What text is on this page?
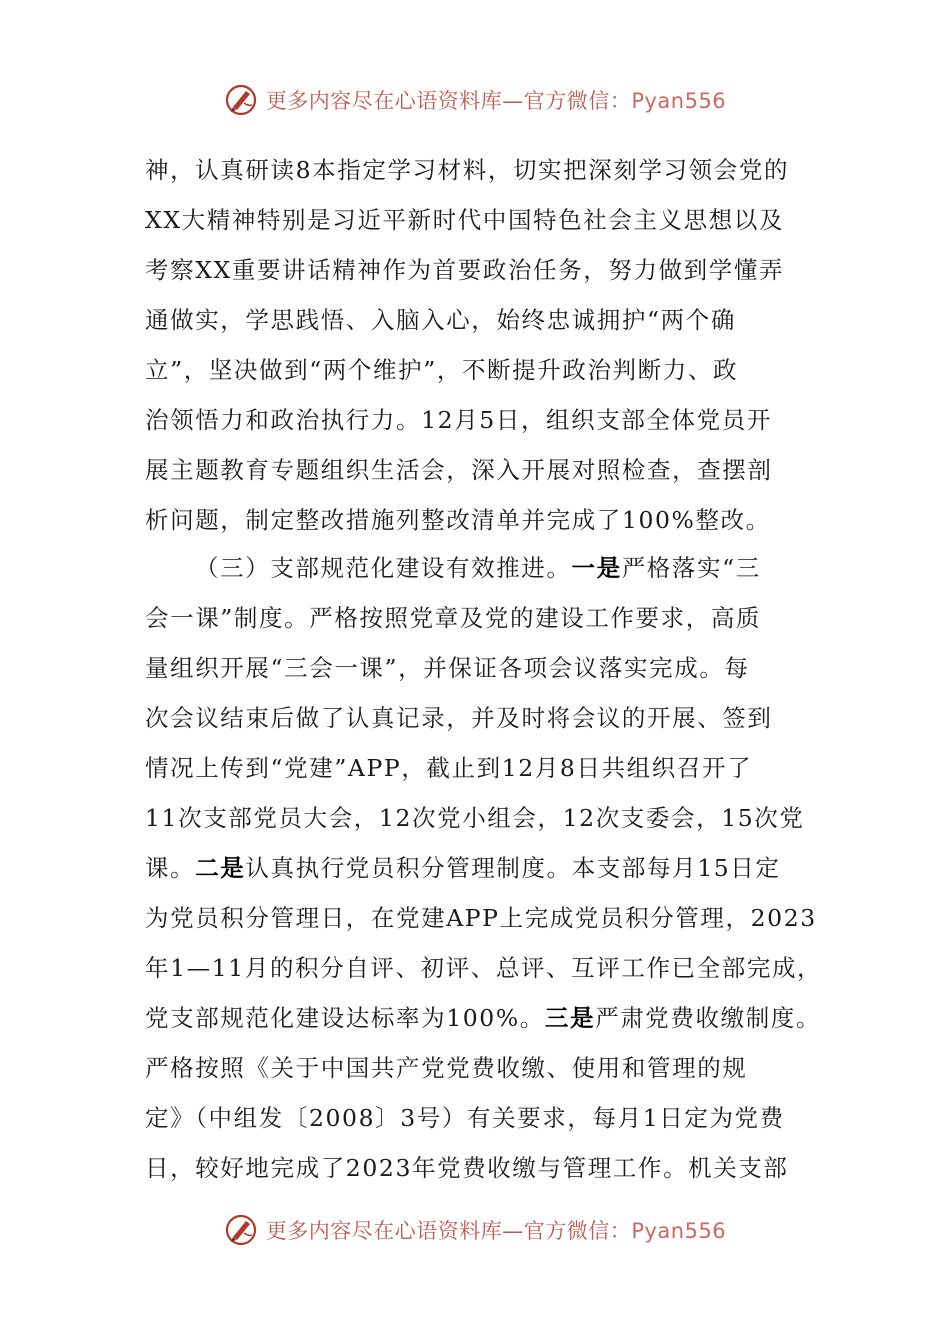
更多内容尽在心语资料库—官方微信：Pyan556
神，认真研读8本指定学习材料，切实把深刻学习领会党的
XX大精神特别是习近平新时代中国特色社会主义思想以及
考察XX重要讲话精神作为首要政治任务，努力做到学懂弄
通做实，学思践悟、入脑入心，始终忠诚拥护“两个确
立”，坚决做到“两个维护”，不断提升政治判断力、政
治领悟力和政治执行力。12月5日，组织支部全体党员开
展主题教育专题组织生活会，深入开展对照检查，查摆剖
析问题，制定整改措施列整改清单并完成了100%整改。
（三）支部规范化建设有效推进。一是严格落实“三
会一课”制度。严格按照党章及党的建设工作要求，高质
量组织开展“三会一课”，并保证各项会议落实完成。每
次会议结束后做了认真记录，并及时将会议的开展、签到
情况上传到“党建”APP，截止到12月8日共组织召开了
11次支部党员大会，12次党小组会，12次支委会，15次党
课。二是认真执行党员积分管理制度。本支部每月15日定
为党员积分管理日，在党建APP上完成党员积分管理，2023
年1—11月的积分自评、初评、总评、互评工作已全部完成，
党支部规范化建设达标率为100%。三是严肃党费收缴制度。
严格按照《关于中国共产党党费收缴、使用和管理的规
定》（中组发〔2008〕3号）有关要求，每月1日定为党费
日，较好地完成了2023年党费收缴与管理工作。机关支部
更多内容尽在心语资料库—官方微信：Pyan556
